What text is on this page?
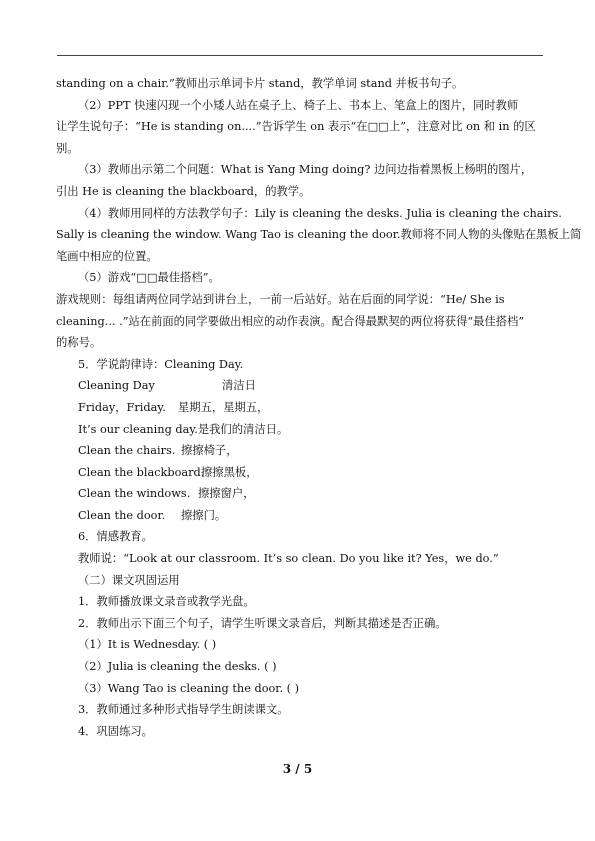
standing on a chair.”教师出示单词卡片 stand，教学单词 stand 并板书句子。
（2）PPT 快速闪现一个小矮人站在桌子上、椅子上、书本上、笔盒上的图片，同时教师
让学生说句子：“He is standing on....”告诉学生 on 表示“在□□上”，注意对比 on 和 in 的区
别。
（3）教师出示第二个问题：What is Yang Ming doing? 边问边指着黑板上杨明的图片，
引出 He is cleaning the blackboard，的教学。
（4）教师用同样的方法教学句子：Lily is cleaning the desks. Julia is cleaning the chairs.
Sally is cleaning the window. Wang Tao is cleaning the door.教师将不同人物的头像贴在黑板上简
笔画中相应的位置。
（5）游戏“□□最佳搭档”。
游戏规则：每组请两位同学站到讲台上，一前一后站好。站在后面的同学说：“He/ She is
cleaning... .”站在前面的同学要做出相应的动作表演。配合得最默契的两位将获得“最佳搭档”
的称号。
5．学说韵律诗：Cleaning Day.
Cleaning Day	清洁日
Friday，Friday. 星期五，星期五，
It’s our cleaning day.是我们的清洁日。
Clean the chairs. 擦擦椅子，
Clean the blackboard.擦擦黑板，
Clean the windows. 擦擦窗户，
Clean the door. 擦擦门。
6．情感教育。
教师说：“Look at our classroom. It’s so clean. Do you like it? Yes，we do.”
（二）课文巩固运用
1．教师播放课文录音或教学光盘。
2．教师出示下面三个句子，请学生听课文录音后，判断其描述是否正确。
（1）It is Wednesday. ( )
（2）Julia is cleaning the desks. ( )
（3）Wang Tao is cleaning the door. ( )
3．教师通过多种形式指导学生朗读课文。
4．巩固练习。
3 / 5
